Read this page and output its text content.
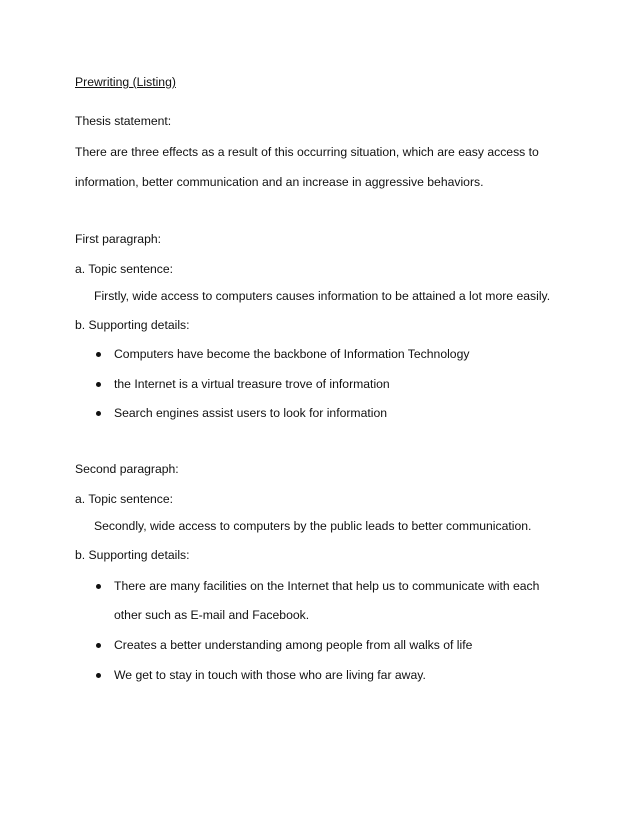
Prewriting (Listing)
Thesis statement:
There are three effects as a result of this occurring situation, which are easy access to
information, better communication and an increase in aggressive behaviors.
First paragraph:
a. Topic sentence:
Firstly, wide access to computers causes information to be attained a lot more easily.
b. Supporting details:
Computers have become the backbone of Information Technology
the Internet is a virtual treasure trove of information
Search engines assist users to look for information
Second paragraph:
a. Topic sentence:
Secondly, wide access to computers by the public leads to better communication.
b. Supporting details:
There are many facilities on the Internet that help us to communicate with each
other such as E-mail and Facebook.
Creates a better understanding among people from all walks of life
We get to stay in touch with those who are living far away.
